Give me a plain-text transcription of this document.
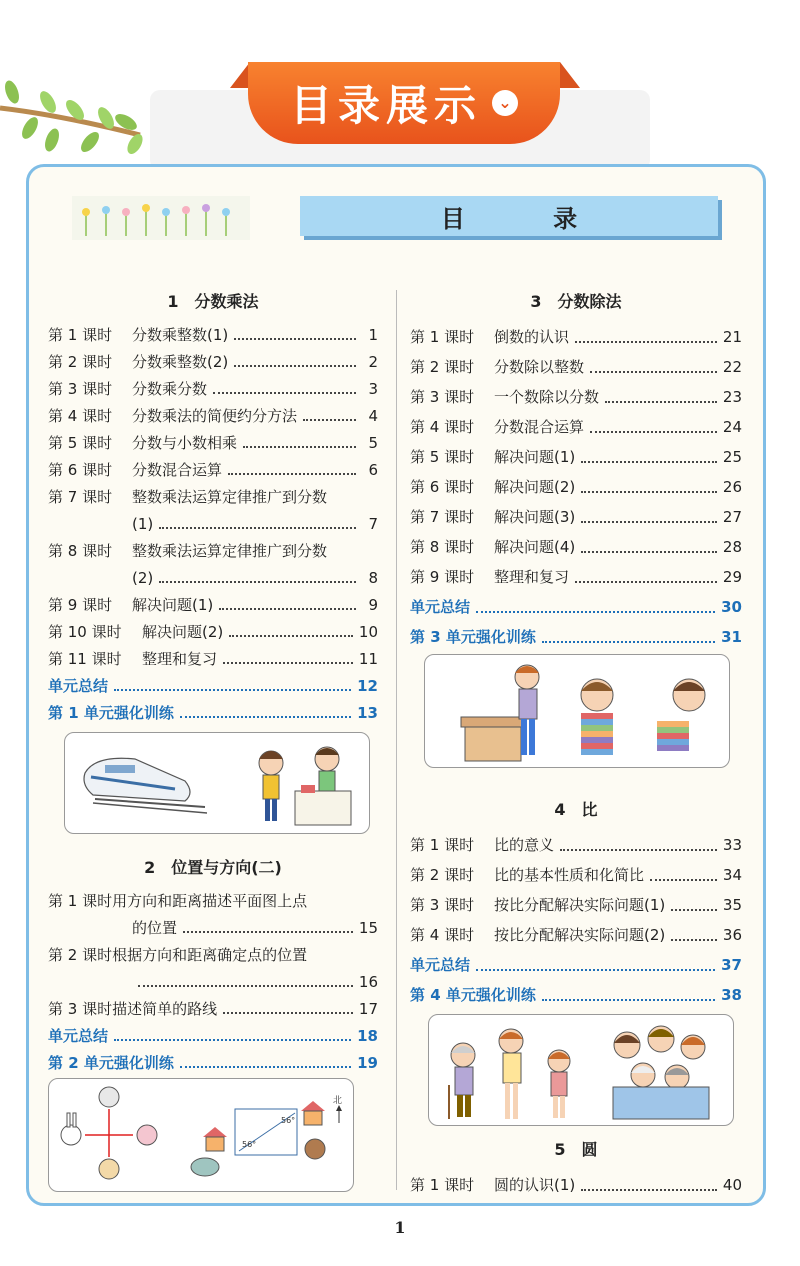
目录展示	⌄
目 录
1　分数乘法
第 1 课时	分数乘整数(1)	1
第 2 课时	分数乘整数(2)	2
第 3 课时	分数乘分数	3
第 4 课时	分数乘法的简便约分方法	4
第 5 课时	分数与小数相乘	5
第 6 课时	分数混合运算	6
第 7 课时	整数乘法运算定律推广到分数
(1)	7
第 8 课时	整数乘法运算定律推广到分数
(2)	8
第 9 课时	解决问题(1)	9
第 10 课时	解决问题(2)	10
第 11 课时	整理和复习	11
单元总结	12
第 1 单元强化训练	13
2　位置与方向(二)
第 1 课时 用方向和距离描述平面图上点
的位置	15
第 2 课时 根据方向和距离确定点的位置
16
第 3 课时 描述简单的路线	17
单元总结	18
第 2 单元强化训练	19
56°
56°
北
3　分数除法
第 1 课时	倒数的认识	21
第 2 课时	分数除以整数	22
第 3 课时	一个数除以分数	23
第 4 课时	分数混合运算	24
第 5 课时	解决问题(1)	25
第 6 课时	解决问题(2)	26
第 7 课时	解决问题(3)	27
第 8 课时	解决问题(4)	28
第 9 课时	整理和复习	29
单元总结	30
第 3 单元强化训练	31
4　比
第 1 课时	比的意义	33
第 2 课时	比的基本性质和化简比	34
第 3 课时	按比分配解决实际问题(1)	35
第 4 课时	按比分配解决实际问题(2)	36
单元总结	37
第 4 单元强化训练	38
5　圆
第 1 课时	圆的认识(1)	40
1
